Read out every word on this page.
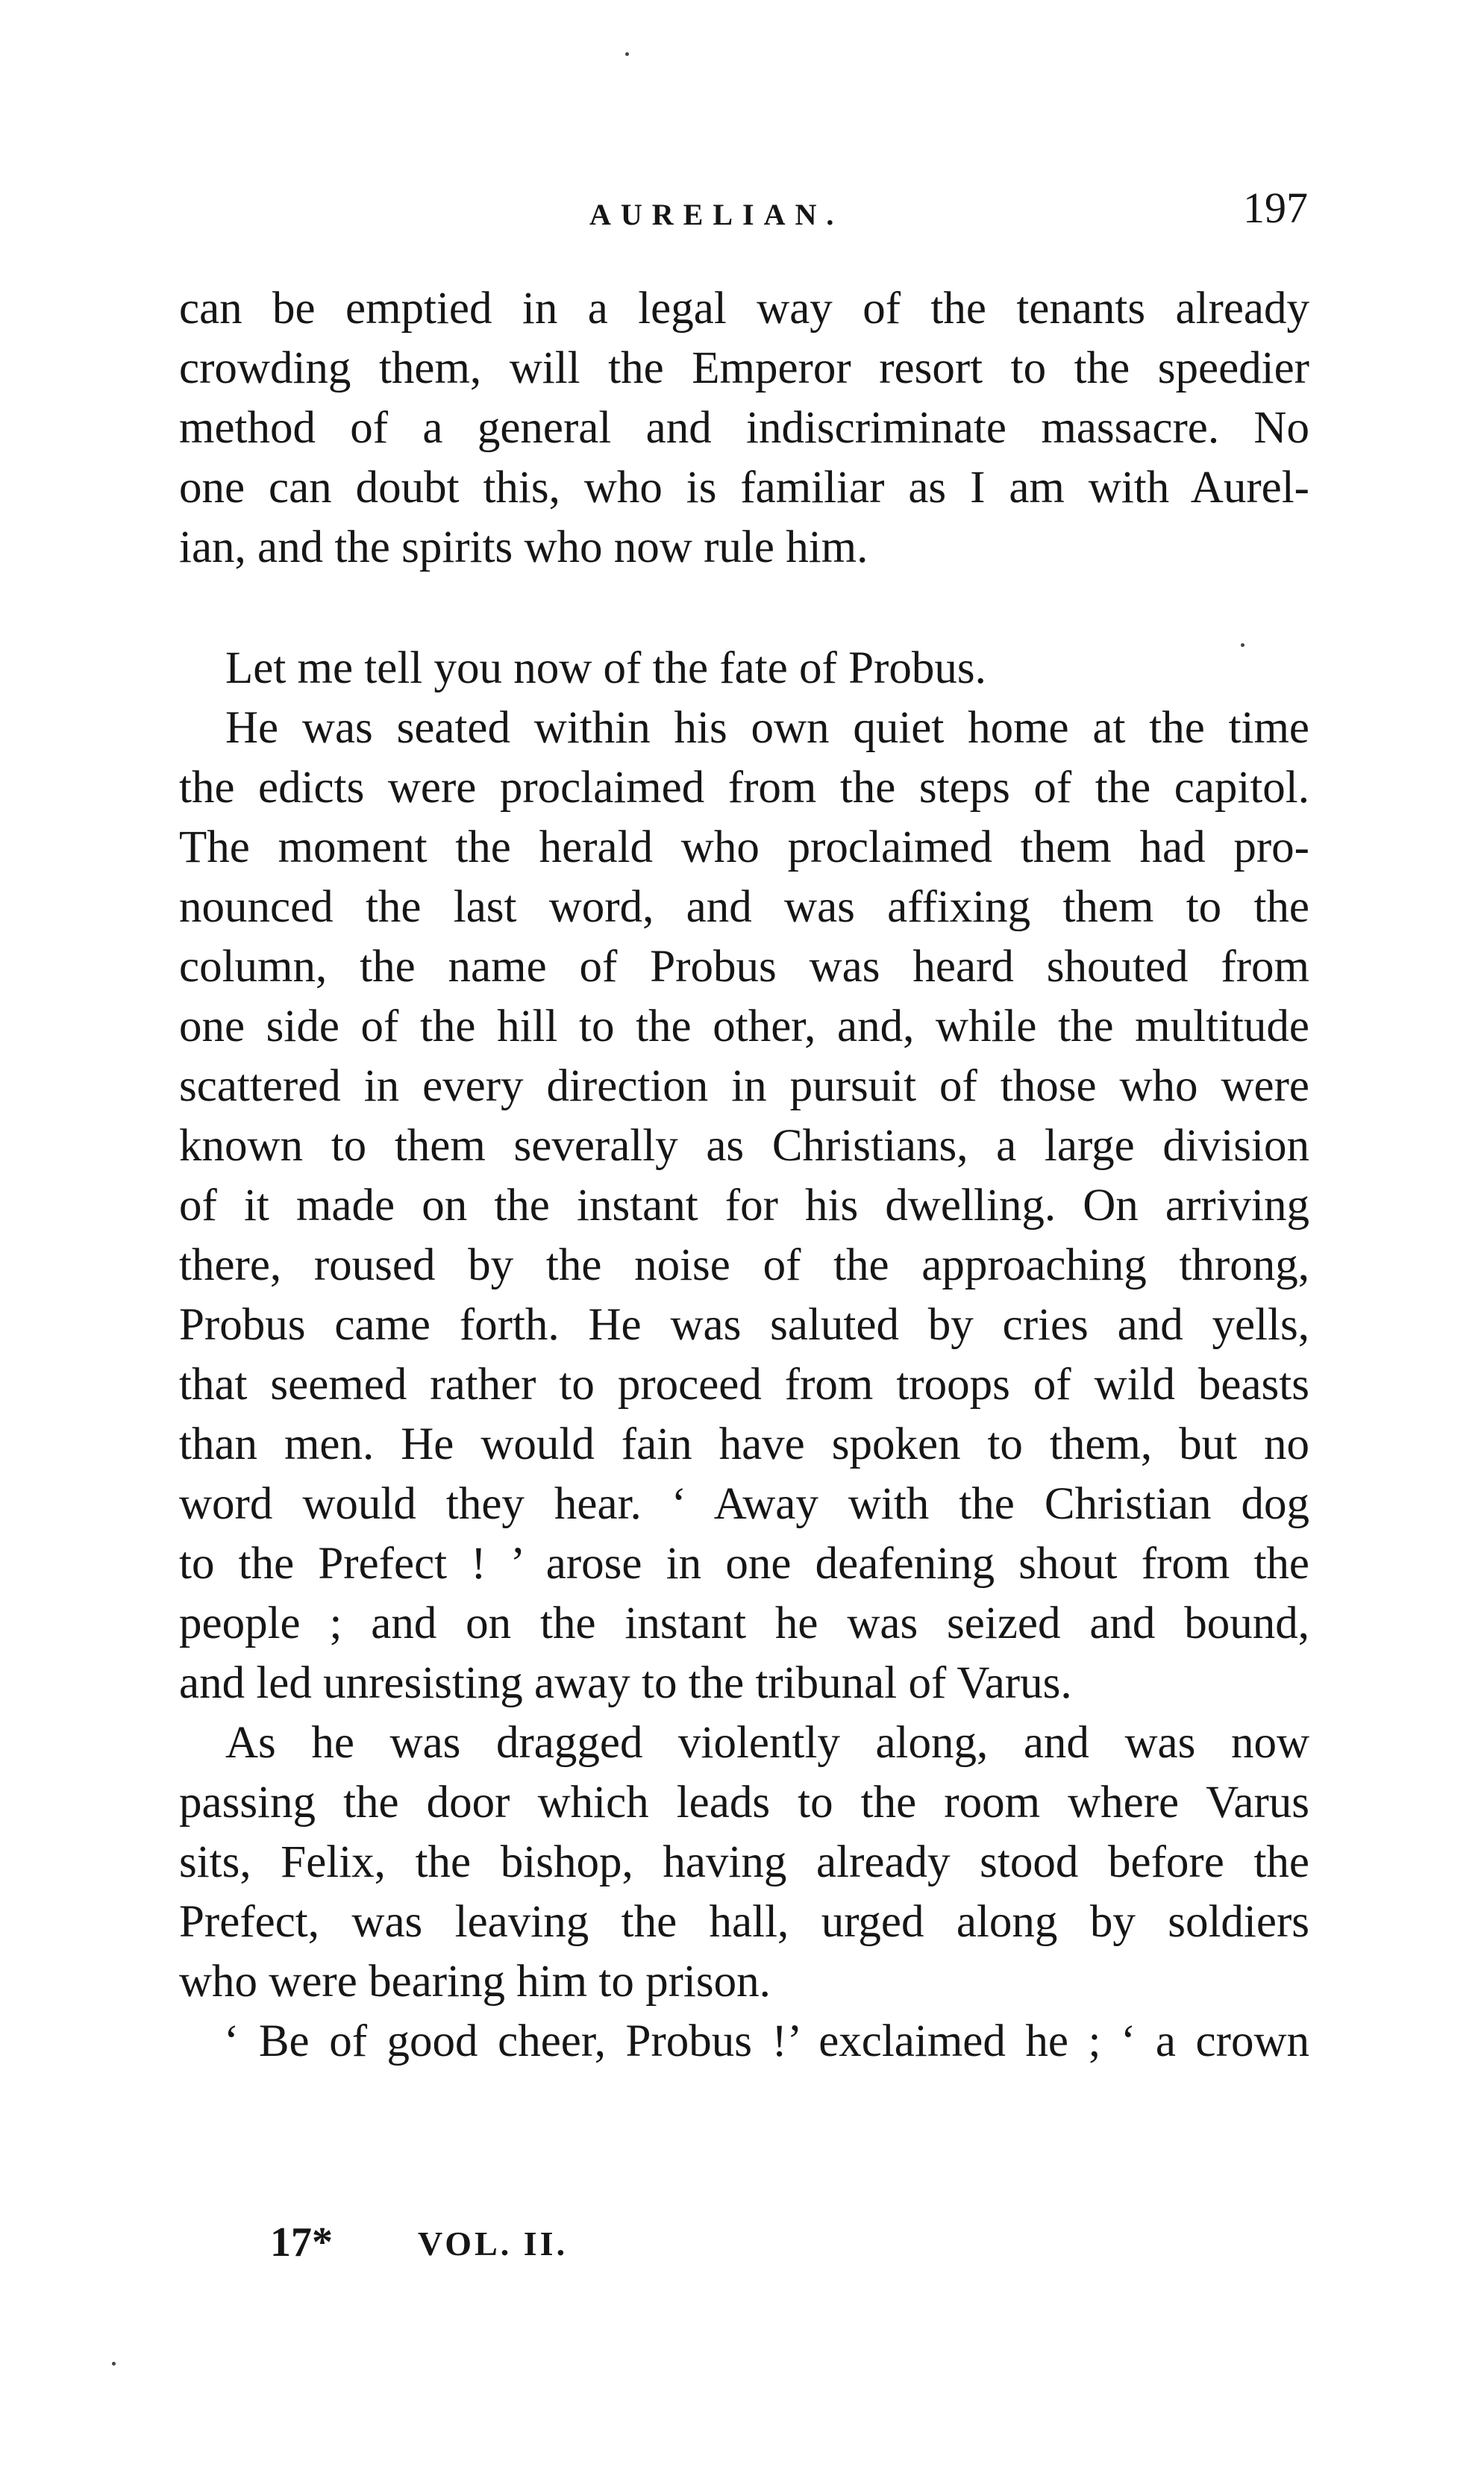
AURELIAN.	197
can be emptied in a legal way of the tenants already
crowding them, will the Emperor resort to the speedier
method of a general and indiscriminate massacre. No
one can doubt this, who is familiar as I am with Aurel-
ian, and the spirits who now rule him.
Let me tell you now of the fate of Probus.
He was seated within his own quiet home at the time
the edicts were proclaimed from the steps of the capitol.
The moment the herald who proclaimed them had pro-
nounced the last word, and was affixing them to the
column, the name of Probus was heard shouted from
one side of the hill to the other, and, while the multitude
scattered in every direction in pursuit of those who were
known to them severally as Christians, a large division
of it made on the instant for his dwelling. On arriving
there, roused by the noise of the approaching throng,
Probus came forth. He was saluted by cries and yells,
that seemed rather to proceed from troops of wild beasts
than men. He would fain have spoken to them, but no
word would they hear. ‘ Away with the Christian dog
to the Prefect ! ’ arose in one deafening shout from the
people ; and on the instant he was seized and bound,
and led unresisting away to the tribunal of Varus.
As he was dragged violently along, and was now
passing the door which leads to the room where Varus
sits, Felix, the bishop, having already stood before the
Prefect, was leaving the hall, urged along by soldiers
who were bearing him to prison.
‘ Be of good cheer, Probus !’ exclaimed he ; ‘ a crown
17* VOL. II.
